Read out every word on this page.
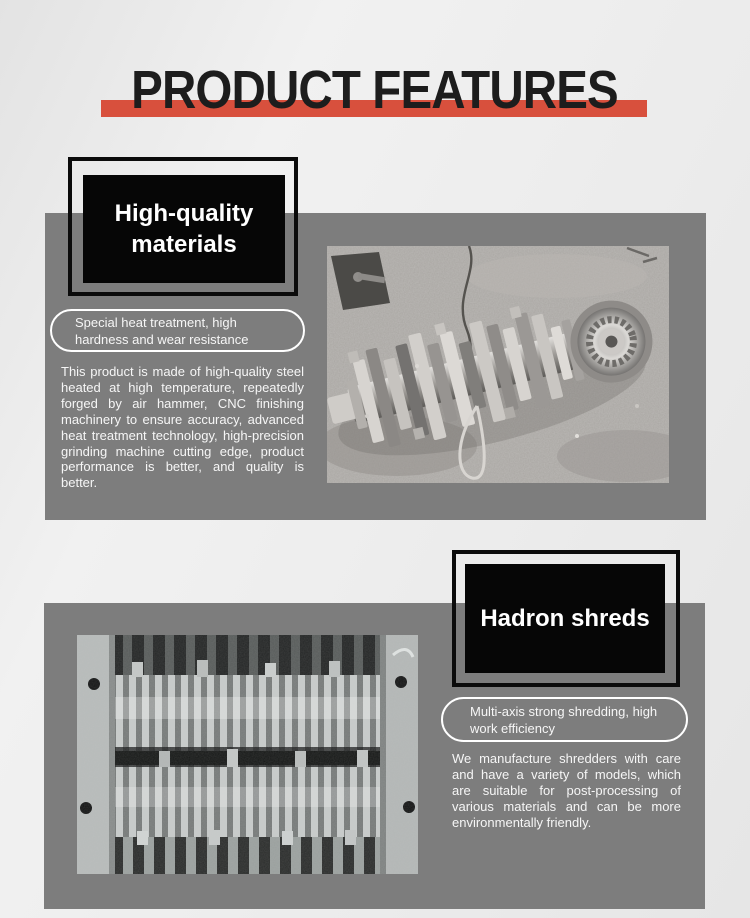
PRODUCT FEATURES
High-quality materials
Special heat treatment, high hardness and wear resistance
This product is made of high-quality steel heated at high temperature, repeatedly forged by air hammer, CNC finishing machinery to ensure accuracy, advanced heat treatment technology, high-precision grinding machine cutting edge, product performance is better, and quality is better.
Hadron shreds
Multi-axis strong shredding, high work efficiency
We manufacture shredders with care and have a variety of models, which are suitable for post-processing of various materials and can be more environmentally friendly.
